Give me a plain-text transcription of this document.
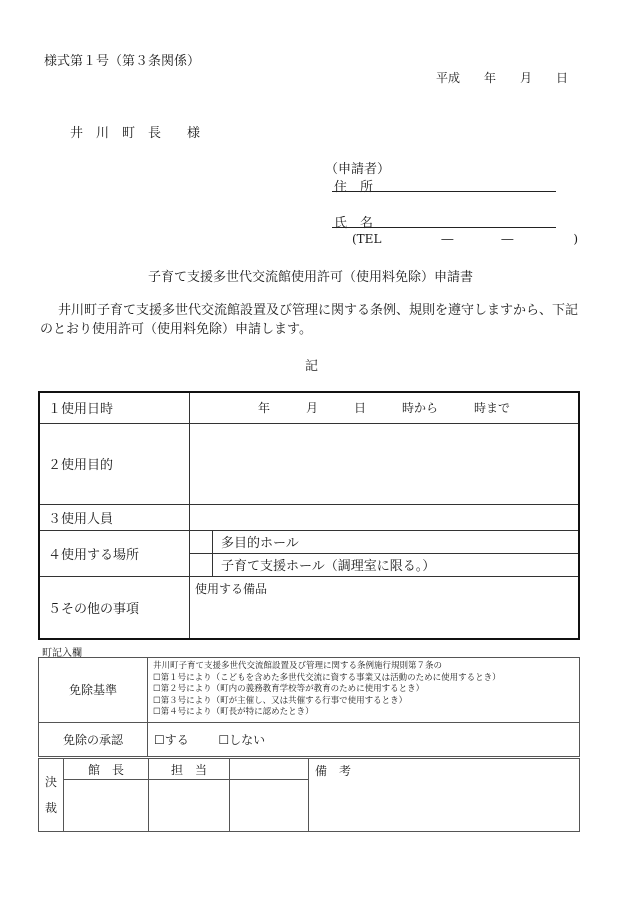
様式第１号（第３条関係）
平成　　年　　月　　日
井　川　町　長　　様
（申請者）
住　所
氏　名
(TEL　　　　　―　　　　―　　　　　)
子育て支援多世代交流館使用許可（使用料免除）申請書
井川町子育て支援多世代交流館設置及び管理に関する条例、規則を遵守しますから、下記
のとおり使用許可（使用料免除）申請します。
記
１使用日時	年　　　月　　　日　　　時から　　　時まで	
２使用目的		
３使用人員		
４使用する場所		多目的ホール
		子育て支援ホール（調理室に限る。）
５その他の事項	使用する備品	
町記入欄
免除基準	井川町子育て支援多世代交流館設置及び管理に関する条例施行規則第７条の
☐第１号により（こどもを含めた多世代交流に資する事業又は活動のために使用するとき）
☐第２号により（町内の義務教育学校等が教育のために使用するとき）
☐第３号により（町が主催し、又は共催する行事で使用するとき）
☐第４号により（町長が特に認めたとき）

免除の承認	☐する ☐しない
決
裁	館　長	担　当		備　考
